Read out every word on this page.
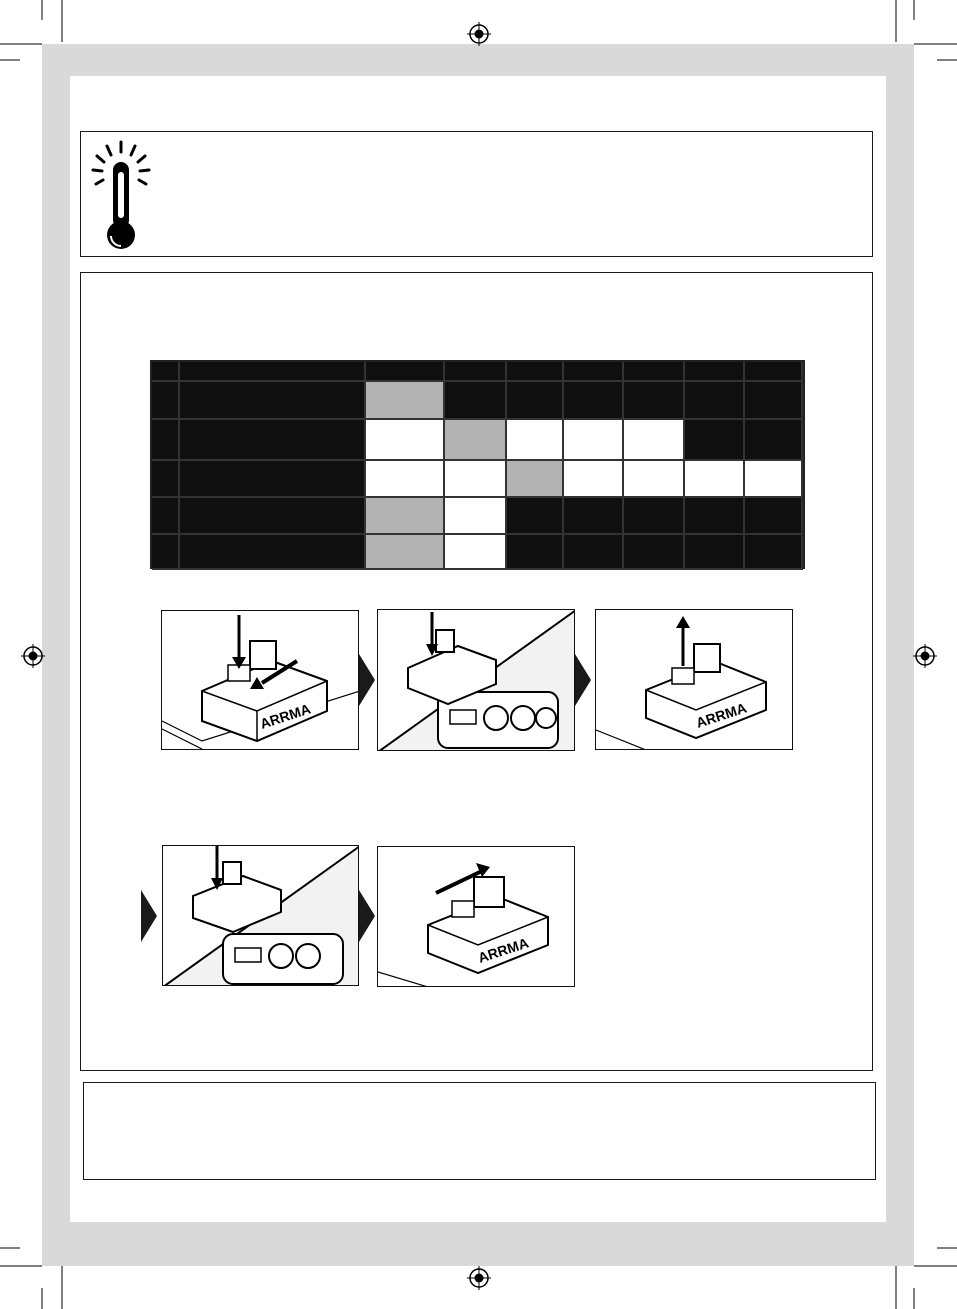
ARRMA	ARRMA
ARRMA
